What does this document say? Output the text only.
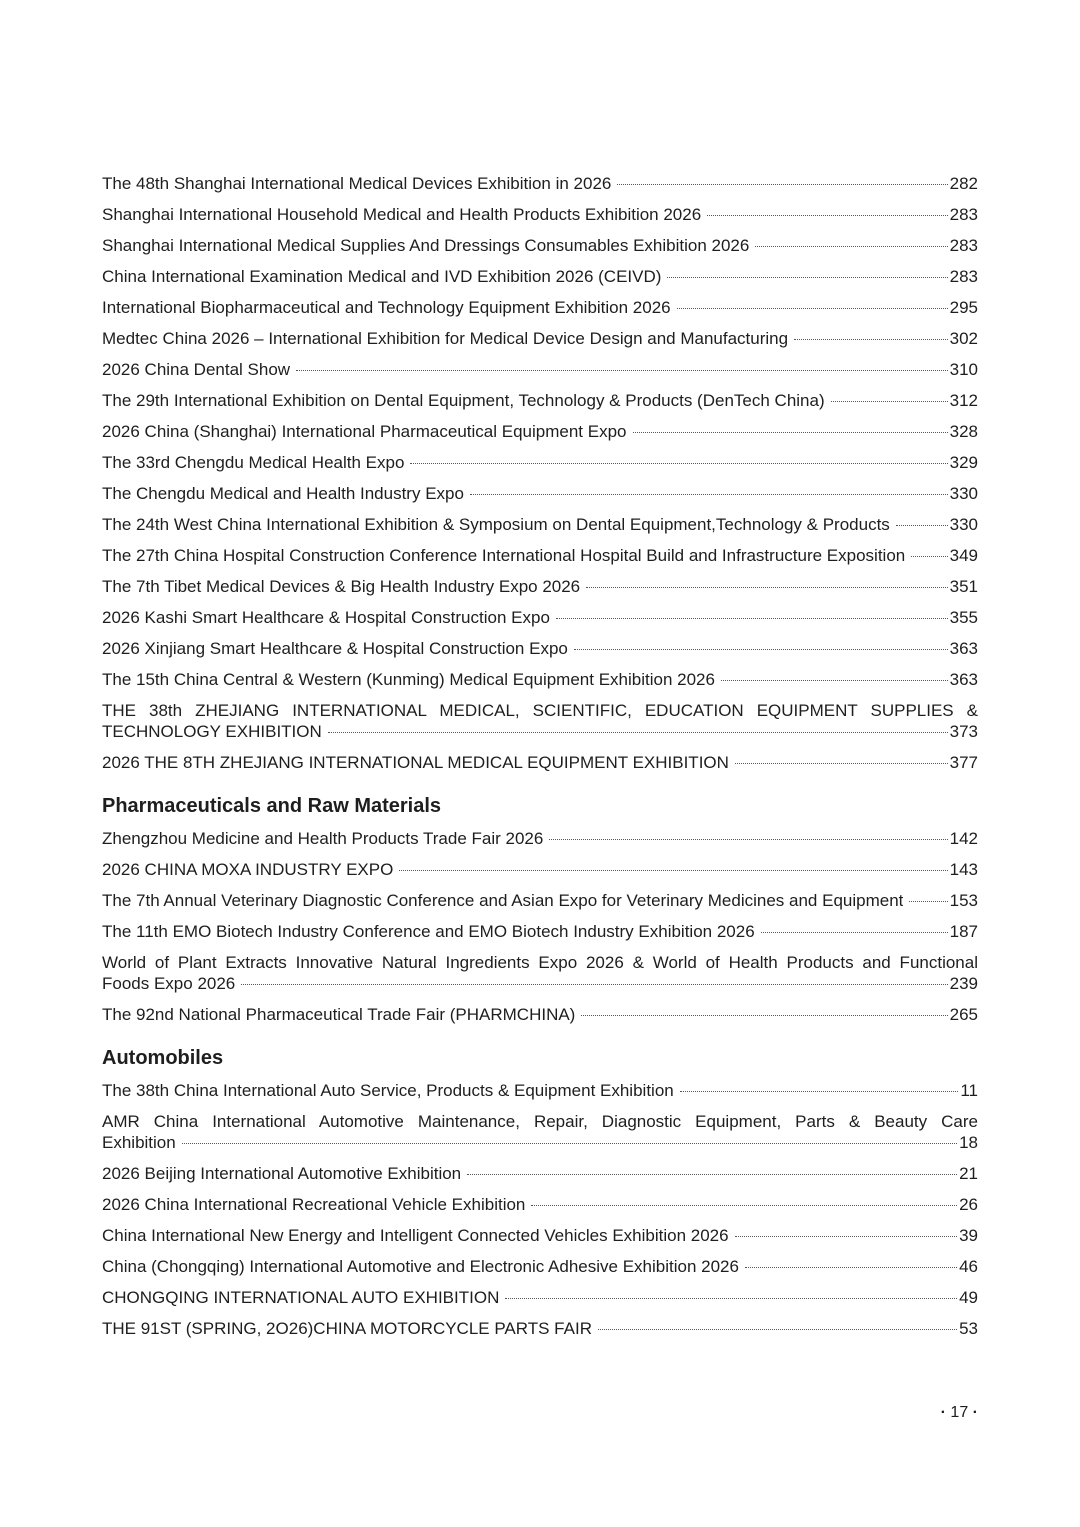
The 48th Shanghai International Medical Devices Exhibition in 2026	282
Shanghai International Household Medical and Health Products Exhibition 2026	283
Shanghai International Medical Supplies And Dressings Consumables Exhibition 2026	283
China International Examination Medical and IVD Exhibition 2026 (CEIVD)	283
International Biopharmaceutical and Technology Equipment Exhibition 2026	295
Medtec China 2026 – International Exhibition for Medical Device Design and Manufacturing	302
2026 China Dental Show	310
The 29th International Exhibition on Dental Equipment, Technology & Products (DenTech China)	312
2026 China (Shanghai) International Pharmaceutical Equipment Expo	328
The 33rd Chengdu Medical Health Expo	329
The Chengdu Medical and Health Industry Expo	330
The 24th West China International Exhibition & Symposium on Dental Equipment,Technology & Products	330
The 27th China Hospital Construction Conference International Hospital Build and Infrastructure Exposition	349
The 7th Tibet Medical Devices & Big Health Industry Expo 2026	351
2026 Kashi Smart Healthcare & Hospital Construction Expo	355
2026 Xinjiang Smart Healthcare & Hospital Construction Expo	363
The 15th China Central & Western (Kunming) Medical Equipment Exhibition 2026	363
THE 38th ZHEJIANG INTERNATIONAL MEDICAL, SCIENTIFIC, EDUCATION EQUIPMENT SUPPLIES &
TECHNOLOGY EXHIBITION	373
2026 THE 8TH ZHEJIANG INTERNATIONAL MEDICAL EQUIPMENT EXHIBITION	377
Pharmaceuticals and Raw Materials
Zhengzhou Medicine and Health Products Trade Fair 2026	142
2026 CHINA MOXA INDUSTRY EXPO	143
The 7th Annual Veterinary Diagnostic Conference and Asian Expo for Veterinary Medicines and Equipment	153
The 11th EMO Biotech Industry Conference and EMO Biotech Industry Exhibition 2026	187
World of Plant Extracts Innovative Natural Ingredients Expo 2026 & World of Health Products and Functional
Foods Expo 2026	239
The 92nd National Pharmaceutical Trade Fair (PHARMCHINA)	265
Automobiles
The 38th China International Auto Service, Products & Equipment Exhibition	11
AMR China International Automotive Maintenance, Repair, Diagnostic Equipment, Parts & Beauty Care
Exhibition	18
2026 Beijing International Automotive Exhibition	21
2026 China International Recreational Vehicle Exhibition	26
China International New Energy and Intelligent Connected Vehicles Exhibition 2026	39
China (Chongqing) International Automotive and Electronic Adhesive Exhibition 2026	46
CHONGQING INTERNATIONAL AUTO EXHIBITION	49
THE 91ST (SPRING, 2O26)CHINA MOTORCYCLE PARTS FAIR	53
· 17 ·
